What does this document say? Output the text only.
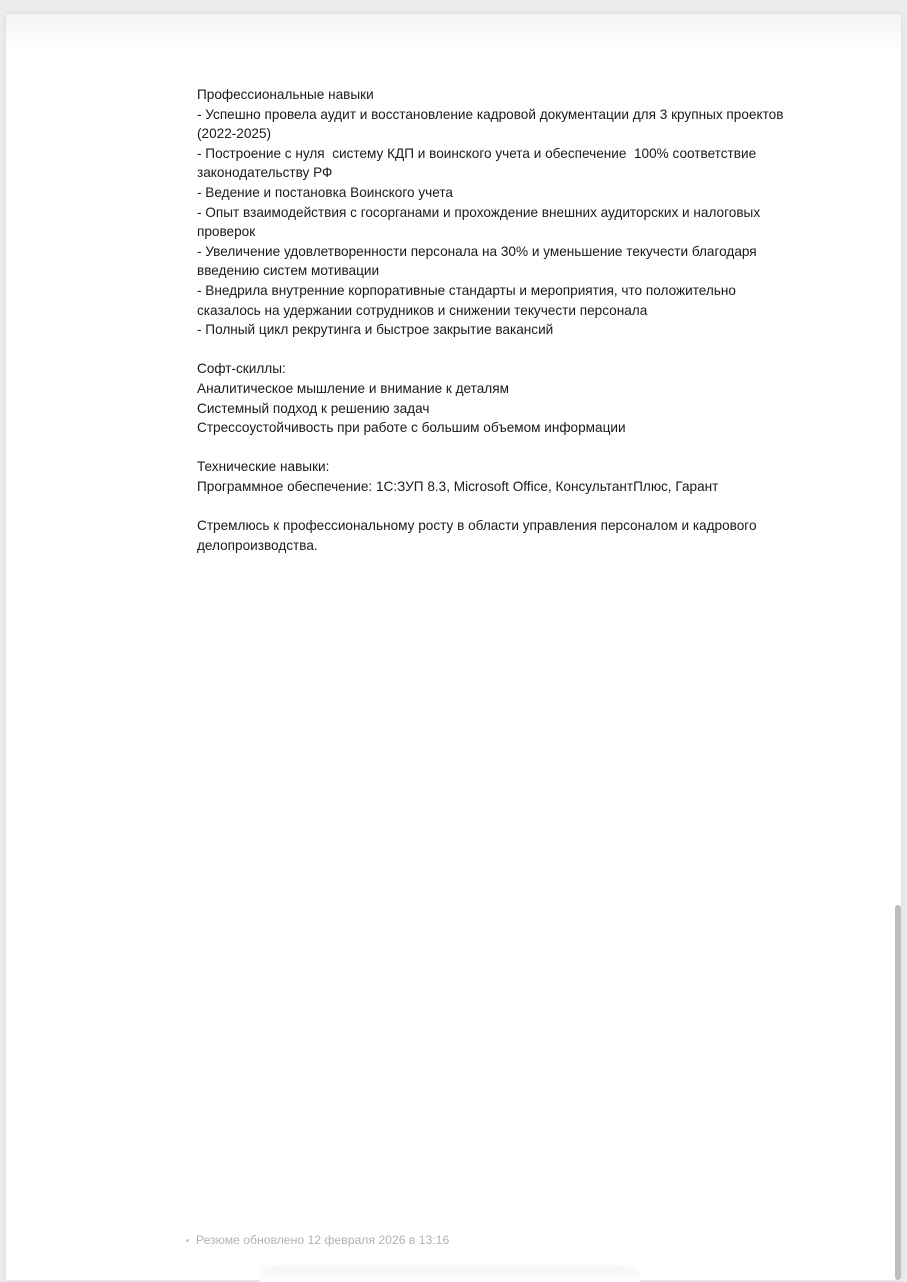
Профессиональные навыки
- Успешно провела аудит и восстановление кадровой документации для 3 крупных проектов
(2022-2025)
- Построение с нуля  систему КДП и воинского учета и обеспечение  100% соответствие
законодательству РФ
- Ведение и постановка Воинского учета
- Опыт взаимодействия с госорганами и прохождение внешних аудиторских и налоговых
проверок
- Увеличение удовлетворенности персонала на 30% и уменьшение текучести благодаря
введению систем мотивации
- Внедрила внутренние корпоративные стандарты и мероприятия, что положительно
сказалось на удержании сотрудников и снижении текучести персонала
- Полный цикл рекрутинга и быстрое закрытие вакансий
Софт-скиллы:
Аналитическое мышление и внимание к деталям
Системный подход к решению задач
Стрессоустойчивость при работе с большим объемом информации
Технические навыки:
Программное обеспечение: 1С:ЗУП 8.3, Microsoft Office, КонсультантПлюс, Гарант
Стремлюсь к профессиональному росту в области управления персоналом и кадрового
делопроизводства.
Резюме обновлено 12 февраля 2026 в 13:16
